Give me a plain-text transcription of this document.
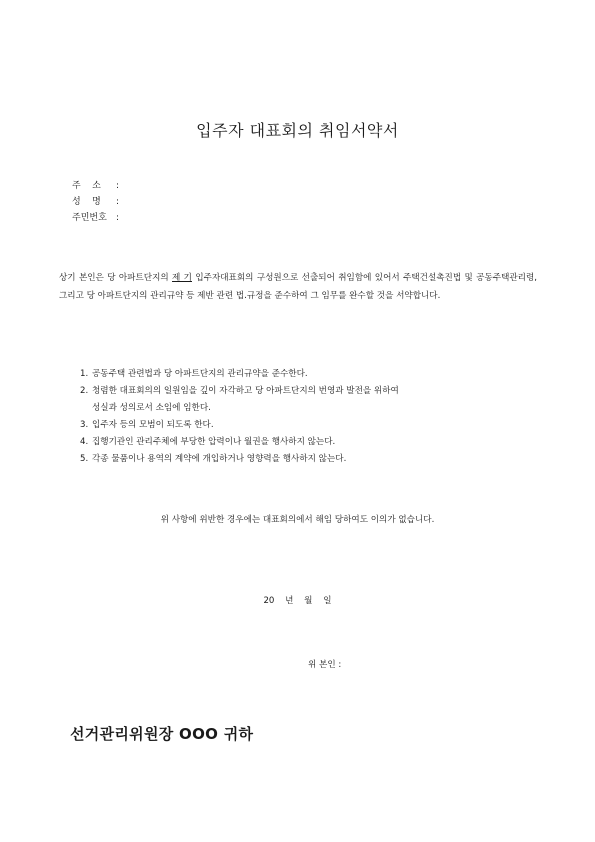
입주자 대표회의 취임서약서
주    소 :
성    명 :
주민번호 :
상기 본인은 당 아파트단지의 제 기 입주자대표회의 구성원으로 선출되어 취임함에 있어서 주택건설촉진법 및 공동주택관리령, 그리고 당 아파트단지의 관리규약 등 제반 관련 법.규정을 준수하여 그 임무를 완수할 것을 서약합니다.
1. 공동주택 관련법과 당 아파트단지의 관리규약을 준수한다.
2. 청렴한 대표회의의 일원임을 깊이 자각하고 당 아파트단지의 번영과 발전을 위하여
성실과 성의로서 소임에 임한다.
3. 입주자 등의 모범이 되도록 한다.
4. 집행기관인 관리주체에 부당한 압력이나 월권을 행사하지 않는다.
5. 각종 물품이나 용역의 계약에 개입하거나 영향력을 행사하지 않는다.
위 사항에 위반한 경우에는 대표회의에서 해임 당하여도 이의가 없습니다.
20 년 월 일
위 본인 :
선거관리위원장 OOO 귀하
